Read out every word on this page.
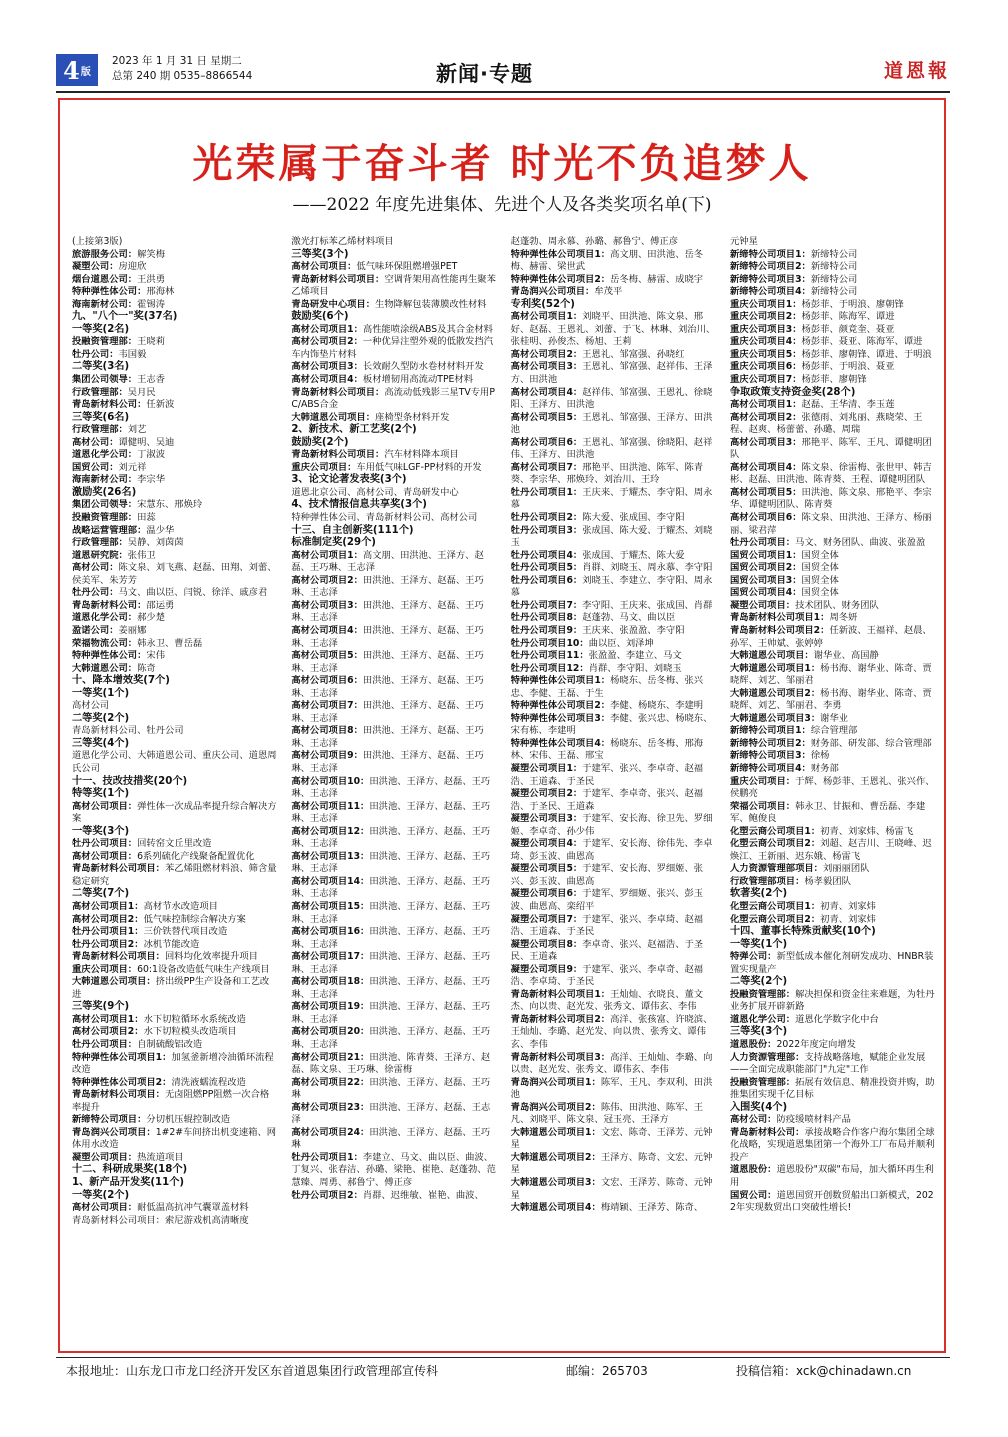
4 版
2023 年 1 月 31 日 星期二
总第 240 期 0535–8866544	新闻·专题	道恩報
光荣属于奋斗者 时光不负追梦人
——2022 年度先进集体、先进个人及各类奖项名单(下)
(上接第3版)
旅游服务公司：解笑梅
凝塑公司：房迎欣
烟台道恩公司：王洪勇
特种弹性体公司：邢海林
海南新材公司：霍锡涛
九、"八个一"奖(37名)
一等奖(2名)
投融资管理部：王晓莉
牡丹公司：韦国毅
二等奖(3名)
集团公司领导：王志香
行政管理部：吴月民
青岛新材料公司：任新波
三等奖(6名)
行政管理部：刘艺
高材公司：谭健明、吴迪
道恩化学公司：丁淑波
国贸公司：刘元祥
海南新材公司：李宗华
激励奖(26名)
集团公司领导：宋慧东、邢焕玲
投融资管理部：田蕊
战略运营管理部：温少华
行政管理部：吴静、刘茵茵
道恩研究院：张伟卫
高材公司：陈文泉、刘飞燕、赵磊、田翔、刘蕾、侯美军、朱芳芳
牡丹公司：马文、曲以臣、闫锐、徐洋、戚彦君
青岛新材料公司：邵运勇
道恩化学公司：郝少楚
盈诺公司：姜丽娜
荣福物流公司：韩永卫、曹岳磊
特种弹性体公司：宋伟
大韩道恩公司：陈奇
十、降本增效奖(7个)
一等奖(1个)
高材公司
二等奖(2个)
青岛新材料公司、牡丹公司
三等奖(4个)
道恩化学公司、大韩道恩公司、重庆公司、道恩周氏公司
十一、技改技措奖(20个)
特等奖(1个)
高材公司项目：弹性体一次成品率提升综合解决方案
一等奖(3个)
牡丹公司项目：回转窑文丘里改造
高材公司项目：6系列硫化产线聚备配置优化
青岛新材料公司项目：苯乙烯阻燃材料浪、筛含量稳定研究
二等奖(7个)
高材公司项目1：高材节水改造项目
高材公司项目2：低气味控制综合解决方案
牡丹公司项目1：三价铁替代项目改造
牡丹公司项目2：冰机节能改造
青岛新材料公司项目：回料均化效率提升项目
重庆公司项目：60:1设备改造低气味生产线项目
大韩道恩公司项目：挤出级PP生产设备和工艺改进
三等奖(9个)
高材公司项目1：水下切粒循环水系统改造
高材公司项目2：水下切粒模头改造项目
牡丹公司项目：自制硫酸铝改造
特种弹性体公司项目1：加氢釜新增冷油循环流程改造
特种弹性体公司项目2：清洗液蠕流程改造
青岛新材料公司项目：无卤阻燃PP阻燃一次合格率提升
新缔特公司项目：分切机压辊控制改造
青岛润兴公司项目：1#2#车间挤出机变速箱、网体用水改造
凝塑公司项目：热流道项目
十二、科研成果奖(18个)
1、新产品开发奖(11个)
一等奖(2个)
高材公司项目：耐低温高抗冲气囊罩盖材料
青岛新材料公司项目：索尼游戏机高清晰度
激光打标苯乙烯材料项目
三等奖(3个)
高材公司项目：低气味环保阻燃增强PET
青岛新材料公司项目：空调背架用高性能再生聚苯乙烯项目
青岛研发中心项目：生物降解包装薄膜改性材料
鼓励奖(6个)
高材公司项目1：高性能喷涂级ABS及其合金材料
高材公司项目2：一种优异注塑外观的低散发挡汽车内饰垫片材料
高材公司项目3：长效耐久型防水卷材材料开发
高材公司项目4：板材增韧用高流动TPE材料
青岛新材料公司项目：高流动低残影三星TV专用PC/ABS合金
大韩道恩公司项目：座椅型条材料开发
2、新技术、新工艺奖(2个)
鼓励奖(2个)
青岛新材料公司项目：汽车材料降本项目
重庆公司项目：车用低气味LGF-PP材料的开发
3、论文论著发表奖(3个)
道恩北京公司、高材公司、青岛研发中心
4、技术情报信息共享奖(3个)
特种弹性体公司、青岛新材料公司、高材公司
十三、自主创新奖(111个)
标准制定奖(29个)
高材公司项目1：高文朋、田洪池、王泽方、赵磊、王巧琳、王志泽
高材公司项目2：田洪池、王泽方、赵磊、王巧琳、王志泽
高材公司项目3：田洪池、王泽方、赵磊、王巧琳、王志泽
高材公司项目4：田洪池、王泽方、赵磊、王巧琳、王志泽
高材公司项目5：田洪池、王泽方、赵磊、王巧琳、王志泽
高材公司项目6：田洪池、王泽方、赵磊、王巧琳、王志泽
高材公司项目7：田洪池、王泽方、赵磊、王巧琳、王志泽
高材公司项目8：田洪池、王泽方、赵磊、王巧琳、王志泽
高材公司项目9：田洪池、王泽方、赵磊、王巧琳、王志泽
高材公司项目10：田洪池、王泽方、赵磊、王巧琳、王志泽
高材公司项目11：田洪池、王泽方、赵磊、王巧琳、王志泽
高材公司项目12：田洪池、王泽方、赵磊、王巧琳、王志泽
高材公司项目13：田洪池、王泽方、赵磊、王巧琳、王志泽
高材公司项目14：田洪池、王泽方、赵磊、王巧琳、王志泽
高材公司项目15：田洪池、王泽方、赵磊、王巧琳、王志泽
高材公司项目16：田洪池、王泽方、赵磊、王巧琳、王志泽
高材公司项目17：田洪池、王泽方、赵磊、王巧琳、王志泽
高材公司项目18：田洪池、王泽方、赵磊、王巧琳、王志泽
高材公司项目19：田洪池、王泽方、赵磊、王巧琳、王志泽
高材公司项目20：田洪池、王泽方、赵磊、王巧琳、王志泽
高材公司项目21：田洪池、陈青葵、王泽方、赵磊、陈文泉、王巧琳、徐雷梅
高材公司项目22：田洪池、王泽方、赵磊、王巧琳
高材公司项目23：田洪池、王泽方、赵磊、王志泽
高材公司项目24：田洪池、王泽方、赵磊、王巧琳
牡丹公司项目1：李建立、马文、曲以臣、曲波、丁复兴、张春洁、孙璐、梁艳、崔艳、赵蓬勃、范慧臻、周勇、郝鲁宁、傅正彦
牡丹公司项目2：肖群、迟维敏、崔艳、曲波、
赵蓬勃、周永慕、孙璐、郝鲁宁、傅正彦
特种弹性体公司项目1：高文朋、田洪池、岳冬梅、赫雷、梁世武
特种弹性体公司项目2：岳冬梅、赫雷、成晓宇
青岛润兴公司项目：牟茂平
专利奖(52个)
高材公司项目1：刘晓平、田洪池、陈文泉、邢好、赵磊、王恩礼、刘蕾、于飞、林琳、刘治川、张桂明、孙俊杰、杨旭、王莉
高材公司项目2：王恩礼、邹富强、孙晓红
高材公司项目3：王恩礼、邹富强、赵祥伟、王泽方、田洪池
高材公司项目4：赵祥伟、邹富强、王恩礼、徐晓阳、王泽方、田洪池
高材公司项目5：王恩礼、邹富强、王泽方、田洪池
高材公司项目6：王恩礼、邹富强、徐晓阳、赵祥伟、王泽方、田洪池
高材公司项目7：邢艳平、田洪池、陈军、陈青葵、李宗华、邢焕玲、刘治川、王玲
牡丹公司项目1：王庆来、于耀杰、李守阳、周永慕
牡丹公司项目2：陈大爱、张成国、李守阳
牡丹公司项目3：张成国、陈大爱、于耀杰、刘晓玉
牡丹公司项目4：张成国、于耀杰、陈大爱
牡丹公司项目5：肖群、刘晓玉、周永慕、李守阳
牡丹公司项目6：刘晓玉、李建立、李守阳、周永慕
牡丹公司项目7：李守阳、王庆来、张成国、肖群
牡丹公司项目8：赵蓬勃、马文、曲以臣
牡丹公司项目9：王庆来、张盈盈、李守阳
牡丹公司项目10：曲以臣、刘泽坤
牡丹公司项目11：张盈盈、李建立、马文
牡丹公司项目12：肖群、李守阳、刘晓玉
特种弹性体公司项目1：杨晓东、岳冬梅、张兴忠、李健、王磊、于生
特种弹性体公司项目2：李健、杨晓东、李建明
特种弹性体公司项目3：李健、张兴忠、杨晓东、宋有栋、李建明
特种弹性体公司项目4：杨晓东、岳冬梅、邢海林、宋伟、王磊、邢宝
凝塑公司项目1：于建军、张兴、李卓奇、赵福浩、王道森、于圣民
凝塑公司项目2：于建军、李卓奇、张兴、赵福浩、于圣民、王道森
凝塑公司项目3：于建军、安长海、徐卫先、罗细姬、李卓奇、孙少伟
凝塑公司项目4：于建军、安长海、徐伟先、李卓琦、彭玉波、曲恩高
凝塑公司项目5：于建军、安长海、罗细姬、张兴、彭玉波、曲恩高
凝塑公司项目6：于建军、罗细姬、张兴、彭玉波、曲恩高、栾绍平
凝塑公司项目7：于建军、张兴、李卓琦、赵福浩、王道森、于圣民
凝塑公司项目8：李卓奇、张兴、赵福浩、于圣民、王道森
凝塑公司项目9：于建军、张兴、李卓奇、赵福浩、李卓琦、于圣民
青岛新材料公司项目1：王灿灿、衣晓良、董文杰、向以贵、赵光发、张秀文、谭伟玄、李伟
青岛新材料公司项目2：高洋、张孩富、许晓滨、王灿灿、李璐、赵光发、向以贵、张秀文、谭伟玄、李伟
青岛新材料公司项目3：高洋、王灿灿、李璐、向以贵、赵光发、张秀文、谭伟玄、李伟
青岛润兴公司项目1：陈军、王凡、李双利、田洪池
青岛润兴公司项目2：陈伟、田洪池、陈军、王凡、刘晓平、陈文泉、冠玉亮、王泽方
大韩道恩公司项目1：文宏、陈奇、王泽芳、元钟星
大韩道恩公司项目2：王泽方、陈奇、文宏、元钟星
大韩道恩公司项目3：文宏、王泽芳、陈奇、元钟星
大韩道恩公司项目4：梅靖颖、王泽芳、陈奇、
元钟星
新缔特公司项目1：新缔特公司
新缔特公司项目2：新缔特公司
新缔特公司项目3：新缔特公司
新缔特公司项目4：新缔特公司
重庆公司项目1：杨彭菲、于明浪、廖朝锋
重庆公司项目2：杨彭菲、陈海军、谭进
重庆公司项目3：杨彭菲、颜竟奎、聂亚
重庆公司项目4：杨彭菲、聂亚、陈海军、谭进
重庆公司项目5：杨彭菲、廖朝锋、谭进、于明浪
重庆公司项目6：杨彭菲、于明浪、聂亚
重庆公司项目7：杨彭菲、廖朝锋
争取政策支持资金奖(28个)
高材公司项目1：赵磊、王华清、李玉莲
高材公司项目2：张德雨、刘兆丽、燕晓荣、王程、赵爽、杨蕾蕾、孙璐、周瑞
高材公司项目3：邢艳平、陈军、王凡、谭健明团队
高材公司项目4：陈文泉、徐雷梅、张世甲、韩吉彬、赵磊、田洪池、陈青葵、王程、谭健明团队
高材公司项目5：田洪池、陈文泉、邢艳平、李宗华、谭健明团队、陈青葵
高材公司项目6：陈文泉、田洪池、王泽方、杨丽丽、梁君萍
牡丹公司项目：马文、财务团队、曲波、张盈盈
国贸公司项目1：国贸全体
国贸公司项目2：国贸全体
国贸公司项目3：国贸全体
国贸公司项目4：国贸全体
凝塑公司项目：技术团队、财务团队
青岛新材料公司项目1：周冬妍
青岛新材料公司项目2：任新波、王福祥、赵晨、孙军、王帅斌、张婷婷
大韩道恩公司项目：谢华业、高国静
大韩道恩公司项目1：杨书海、谢华业、陈奇、贾晓辉、刘艺、邹丽君
大韩道恩公司项目2：杨书海、谢华业、陈奇、贾晓辉、刘艺、邹丽君、李勇
大韩道恩公司项目3：谢华业
新缔特公司项目1：综合管理部
新缔特公司项目2：财务部、研发部、综合管理部
新缔特公司项目3：徐杨
新缔特公司项目4：财务部
重庆公司项目：于辉、杨彭菲、王恩礼、张兴作、侯鹏亮
荣福公司项目：韩永卫、甘振和、曹岳磊、李建军、鲍俊良
化塑云商公司项目1：初青、刘家炜、杨雷飞
化塑云商公司项目2：刘超、赵吉川、王晓峰、迟焕江、王新丽、迟东娥、杨雷飞
人力资源管理部项目：刘丽丽团队
行政管理部项目：杨孝毅团队
软著奖(2个)
化塑云商公司项目1：初青、刘家炜
化塑云商公司项目2：初青、刘家炜
十四、董事长特殊贡献奖(10个)
一等奖(1个)
特弹公司：新型低成本催化剂研发成功、HNBR装置实现量产
二等奖(2个)
投融资管理部：解决担保和资金往来难题，为牡丹业务扩展开辟新路
道恩化学公司：道恩化学数字化中台
三等奖(3个)
道恩股份：2022年度定向增发
人力资源管理部：支持战略落地，赋能企业发展——全面完成职能部门"九定"工作
投融资管理部：拓展有效信息、精准投资并购，助推集团实现千亿目标
入围奖(4个)
高材公司：防疫缓喷材料产品
青岛新材料公司：承接战略合作客户海尔集团全球化战略，实现道恩集团第一个海外工厂布局并顺利投产
道恩股份：道恩股份"双碳"布局，加大循环再生利用
国贸公司：道恩国贸开创数贸船出口新模式，2022年实现数贸出口突破性增长!
本报地址：山东龙口市龙口经济开发区东首道恩集团行政管理部宣传科	邮编：265703	投稿信箱：xck@chinadawn.cn
